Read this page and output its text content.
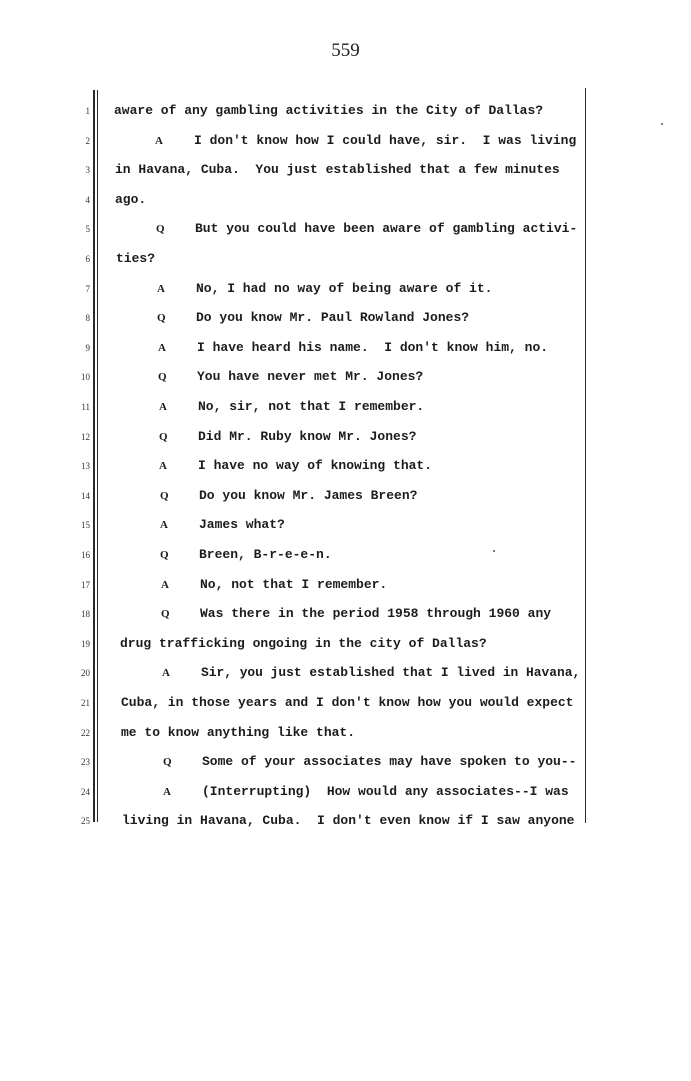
559
1 aware of any gambling activities in the City of Dallas?
2	A I don't know how I could have, sir.  I was living
3 in Havana, Cuba.  You just established that a few minutes
4 ago.
5	Q But you could have been aware of gambling activi-
6 ties?
7	A No, I had no way of being aware of it.
8	Q Do you know Mr. Paul Rowland Jones?
9	A I have heard his name.  I don't know him, no.
10	Q You have never met Mr. Jones?
11	A No, sir, not that I remember.
12	Q Did Mr. Ruby know Mr. Jones?
13	A I have no way of knowing that.
14	Q Do you know Mr. James Breen?
15	A James what?
16	Q Breen, B-r-e-e-n.
17	A No, not that I remember.
18	Q Was there in the period 1958 through 1960 any
19 drug trafficking ongoing in the city of Dallas?
20	A Sir, you just established that I lived in Havana,
21 Cuba, in those years and I don't know how you would expect
22 me to know anything like that.
23	Q Some of your associates may have spoken to you--
24	A (Interrupting)  How would any associates--I was
25 living in Havana, Cuba.  I don't even know if I saw anyone
